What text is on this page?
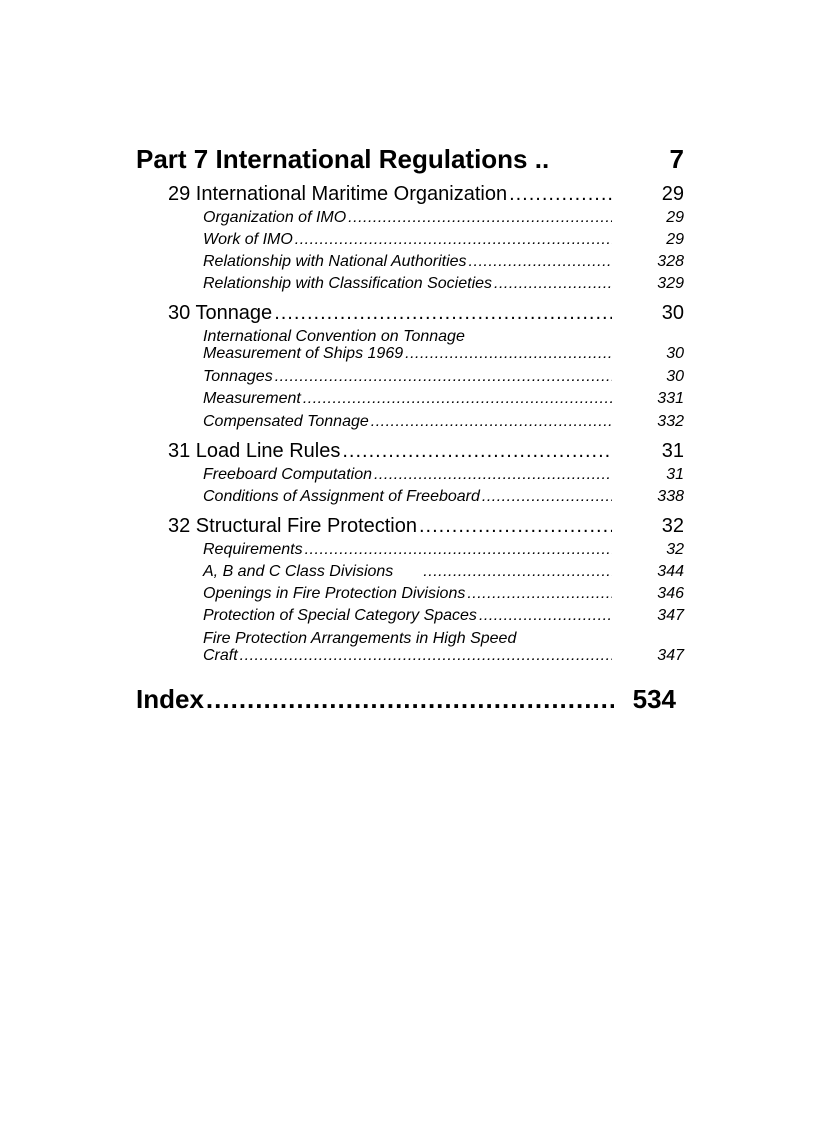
Part 7 International Regulations ..	7
29 International Maritime Organization .....	29
Organization of IMO .....	29
Work of IMO .....	29
Relationship with National Authorities .....	328
Relationship with Classification Societies .....	329
30 Tonnage .....	30
International Convention on Tonnage
Measurement of Ships 1969 .....	30
Tonnages .....	30
Measurement .....	331
Compensated Tonnage .....	332
31 Load Line Rules .....	31
Freeboard Computation .....	31
Conditions of Assignment of Freeboard .....	338
32 Structural Fire Protection .....	32
Requirements .....	32
A, B and C Class Divisions .....	344
Openings in Fire Protection Divisions .....	346
Protection of Special Category Spaces .....	347
Fire Protection Arrangements in High Speed
Craft .....	347
Index .....	534
